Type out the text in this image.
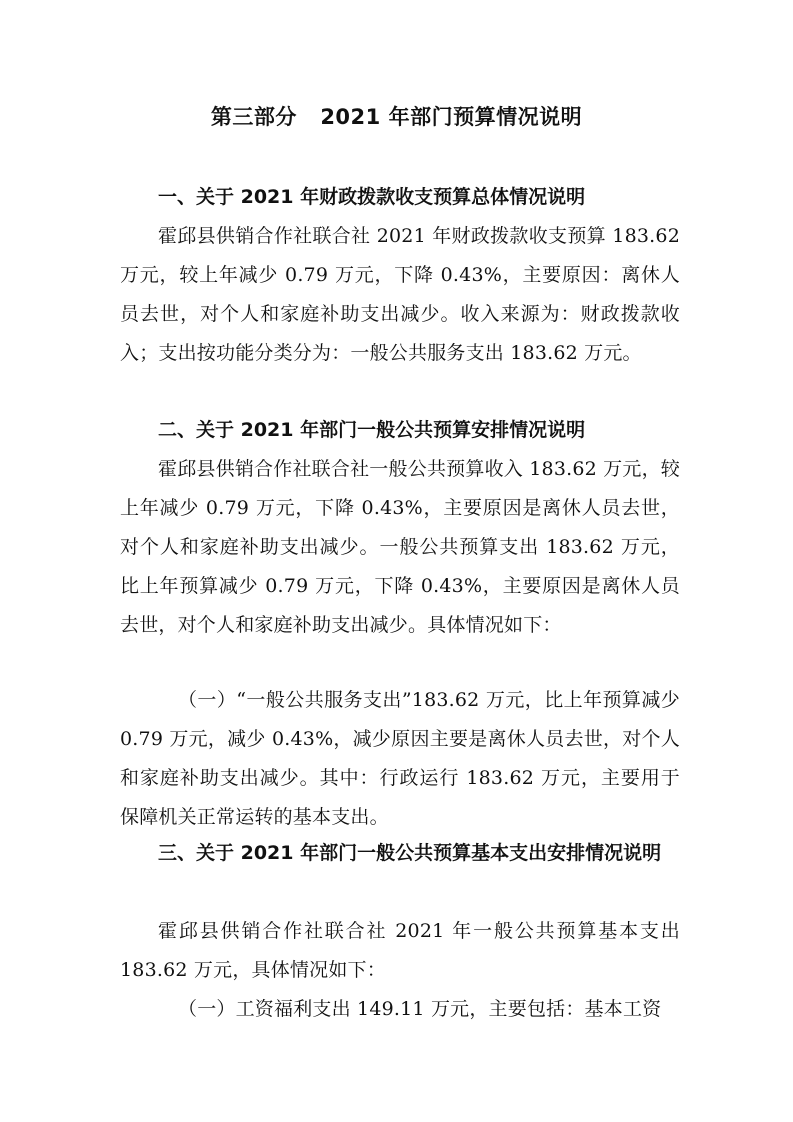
第三部分   2021 年部门预算情况说明
一、关于 2021 年财政拨款收支预算总体情况说明
霍邱县供销合作社联合社 2021 年财政拨款收支预算 183.62 万元，较上年减少 0.79 万元，下降 0.43%，主要原因：离休人员去世，对个人和家庭补助支出减少。收入来源为：财政拨款收入；支出按功能分类分为：一般公共服务支出 183.62 万元。
二、关于 2021 年部门一般公共预算安排情况说明
霍邱县供销合作社联合社一般公共预算收入 183.62 万元，较上年减少 0.79 万元，下降 0.43%，主要原因是离休人员去世，对个人和家庭补助支出减少。一般公共预算支出 183.62 万元，比上年预算减少 0.79 万元，下降 0.43%，主要原因是离休人员去世，对个人和家庭补助支出减少。具体情况如下：
（一）“一般公共服务支出”183.62 万元，比上年预算减少 0.79 万元，减少 0.43%，减少原因主要是离休人员去世，对个人和家庭补助支出减少。其中：行政运行 183.62 万元，主要用于保障机关正常运转的基本支出。
三、关于 2021 年部门一般公共预算基本支出安排情况说明
霍邱县供销合作社联合社 2021 年一般公共预算基本支出 183.62 万元，具体情况如下：
（一）工资福利支出 149.11 万元，主要包括：基本工资
